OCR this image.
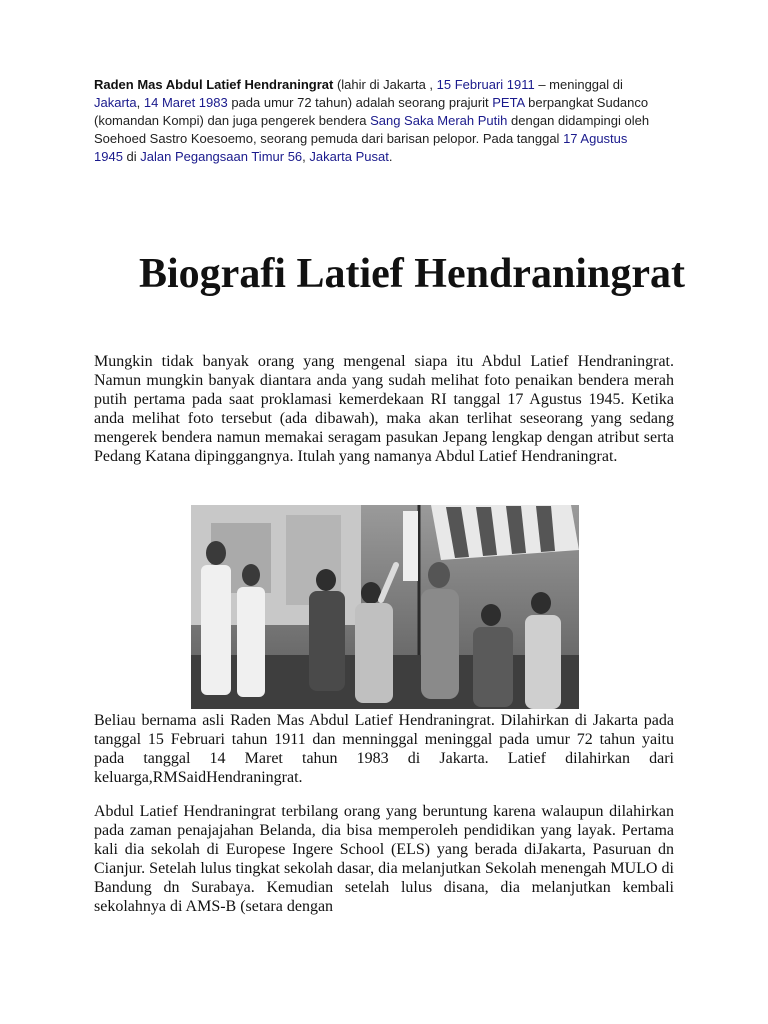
Raden Mas Abdul Latief Hendraningrat (lahir di Jakarta , 15 Februari 1911 – meninggal di Jakarta, 14 Maret 1983 pada umur 72 tahun) adalah seorang prajurit PETA berpangkat Sudanco (komandan Kompi) dan juga pengerek bendera Sang Saka Merah Putih dengan didampingi oleh Soehoed Sastro Koesoemo, seorang pemuda dari barisan pelopor. Pada tanggal 17 Agustus 1945 di Jalan Pegangsaan Timur 56, Jakarta Pusat.
Biografi Latief Hendraningrat

Mungkin tidak banyak orang yang mengenal siapa itu Abdul Latief Hendraningrat. Namun mungkin banyak diantara anda yang sudah melihat foto penaikan bendera merah putih pertama pada saat proklamasi kemerdekaan RI tanggal 17 Agustus 1945. Ketika anda melihat foto tersebut (ada dibawah), maka akan terlihat seseorang yang sedang mengerek bendera namun memakai seragam pasukan Jepang lengkap dengan atribut serta Pedang Katana dipinggangnya. Itulah yang namanya Abdul Latief Hendraningrat.

Beliau bernama asli Raden Mas Abdul Latief Hendraningrat. Dilahirkan di Jakarta pada tanggal 15 Februari tahun 1911 dan menninggal meninggal pada umur 72 tahun yaitu pada tanggal 14 Maret tahun 1983 di Jakarta. Latief dilahirkan dari keluarga,RMSaidHendraningrat.

Abdul Latief Hendraningrat terbilang orang yang beruntung karena walaupun dilahirkan pada zaman penajajahan Belanda, dia bisa memperoleh pendidikan yang layak. Pertama kali dia sekolah di Europese Ingere School (ELS) yang berada diJakarta, Pasuruan dn Cianjur. Setelah lulus tingkat sekolah dasar, dia melanjutkan Sekolah menengah MULO di Bandung dn Surabaya. Kemudian setelah lulus disana, dia melanjutkan kembali sekolahnya di AMS-B (setara dengan
